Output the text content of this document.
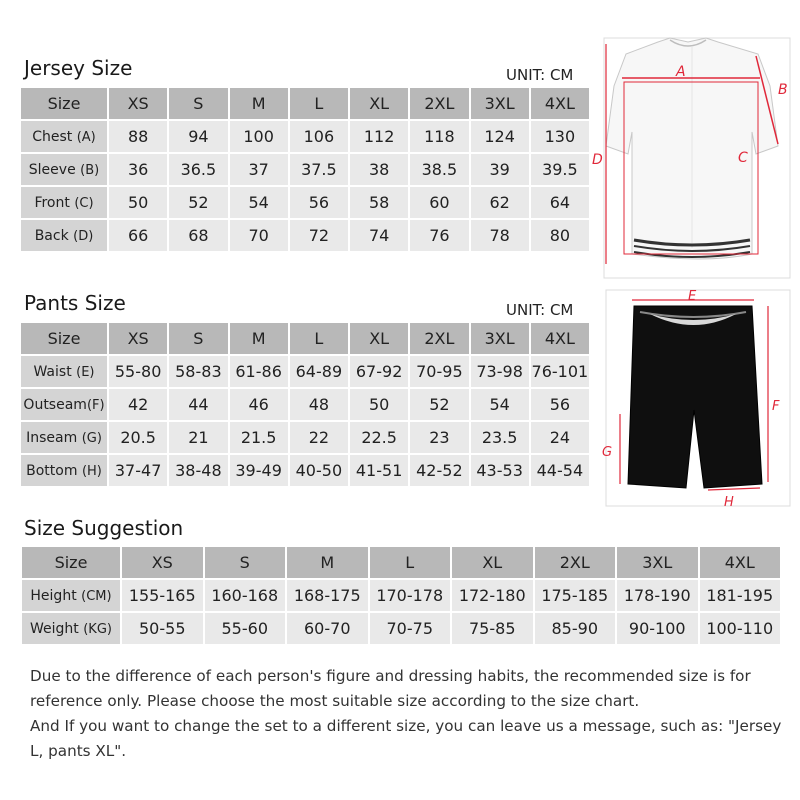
Jersey Size	UNIT: CM
Size	XS	S	M	L	XL	2XL	3XL	4XL
Chest (A)	88	94	100	106	112	118	124	130
Sleeve (B)	36	36.5	37	37.5	38	38.5	39	39.5
Front (C)	50	52	54	56	58	60	62	64
Back (D)	66	68	70	72	74	76	78	80
A
B
C
D
Pants Size	UNIT: CM
Size	XS	S	M	L	XL	2XL	3XL	4XL
Waist (E)	55-80	58-83	61-86	64-89	67-92	70-95	73-98	76-101
Outseam(F)	42	44	46	48	50	52	54	56
Inseam (G)	20.5	21	21.5	22	22.5	23	23.5	24
Bottom (H)	37-47	38-48	39-49	40-50	41-51	42-52	43-53	44-54
E
F
G
H
Size Suggestion
Size	XS	S	M	L	XL	2XL	3XL	4XL
Height (CM)	155-165	160-168	168-175	170-178	172-180	175-185	178-190	181-195
Weight (KG)	50-55	55-60	60-70	70-75	75-85	85-90	90-100	100-110

Due to the difference of each person's figure and dressing habits, the recommended size is for reference only. Please choose the most suitable size according to the size chart.

And If you want to change the set to a different size, you can leave us a message, such as: "Jersey L, pants XL".
